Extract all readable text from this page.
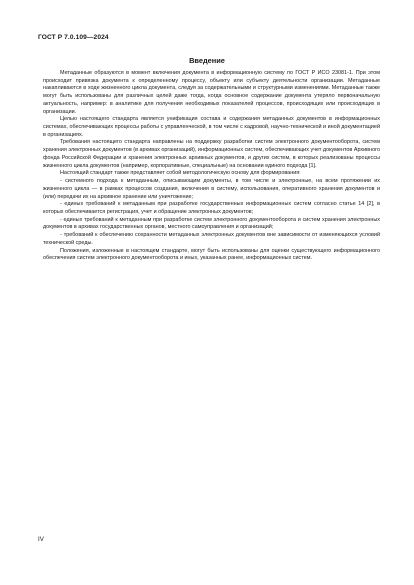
ГОСТ Р 7.0.109—2024
Введение

Метаданные образуются в момент включения документа в информационную систему по ГОСТ Р ИСО 23081-1. При этом происходит привязка документа к определенному процессу, объекту или субъекту деятельности организации. Метаданные накапливаются в ходе жизненного цикла документа, следуя за содержательными и структурными изменениями. Метаданные также могут быть использованы для различных целей даже тогда, когда основное содержание документа утеряло первоначальную актуальность, например: в аналитике для получения необходимых показателей процессов, происходящих или происходящих в организации.

Целью настоящего стандарта является унификация состава и содержания метаданных документов в информационных системах, обеспечивающих процессы работы с управленческой, в том числе с кадровой, научно-технической и иной документацией в организациях.

Требования настоящего стандарта направлены на поддержку разработки систем электронного документооборота, систем хранения электронных документов (в архивах организаций), информационных систем, обеспечивающих учет документов Архивного фонда Российской Федерации и хранения электронных архивных документов, и других систем, в которых реализованы процессы жизненного цикла документов (например, корпоративные, специальные) на основании единого подхода [1].

Настоящий стандарт также представляет собой методологическую основу для формирования:

- системного подхода к метаданным, описывающим документы, в том числе и электронные, на всем протяжении их жизненного цикла — в рамках процессов создания, включения в систему, использования, оперативного хранения документов и (или) передачи их на архивное хранение или уничтожение;

- единых требований к метаданным при разработке государственных информационных систем согласно статье 14 [2], в которых обеспечивается регистрация, учет и обращение электронных документов;

- единых требований к метаданным при разработке систем электронного документооборота и систем хранения электронных документов в архивах государственных органов, местного самоуправления и организаций;

- требований к обеспечению сохранности метаданных электронных документов вне зависимости от изменяющихся условий технической среды.

Положения, изложенные в настоящем стандарте, могут быть использованы для оценки существующего информационного обеспечения систем электронного документооборота и иных, указанных ранее, информационных систем.

IV
